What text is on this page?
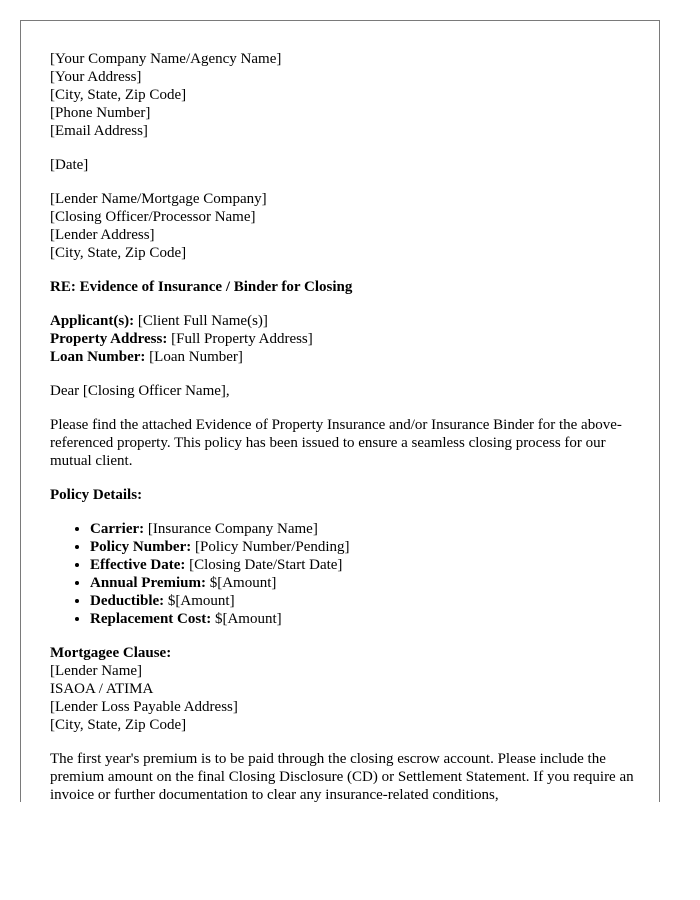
[Your Company Name/Agency Name]
[Your Address]
[City, State, Zip Code]
[Phone Number]
[Email Address]
[Date]
[Lender Name/Mortgage Company]
[Closing Officer/Processor Name]
[Lender Address]
[City, State, Zip Code]
RE: Evidence of Insurance / Binder for Closing
Applicant(s): [Client Full Name(s)]
Property Address: [Full Property Address]
Loan Number: [Loan Number]
Dear [Closing Officer Name],

Please find the attached Evidence of Property Insurance and/or Insurance Binder for the above-referenced property. This policy has been issued to ensure a seamless closing process for our mutual client.

Policy Details:
• Carrier: [Insurance Company Name]
• Policy Number: [Policy Number/Pending]
• Effective Date: [Closing Date/Start Date]
• Annual Premium: $[Amount]
• Deductible: $[Amount]
• Replacement Cost: $[Amount]
Mortgagee Clause:
[Lender Name]
ISAOA / ATIMA
[Lender Loss Payable Address]
[City, State, Zip Code]

The first year's premium is to be paid through the closing escrow account. Please include the premium amount on the final Closing Disclosure (CD) or Settlement Statement. If you require an invoice or further documentation to clear any insurance-related conditions,
